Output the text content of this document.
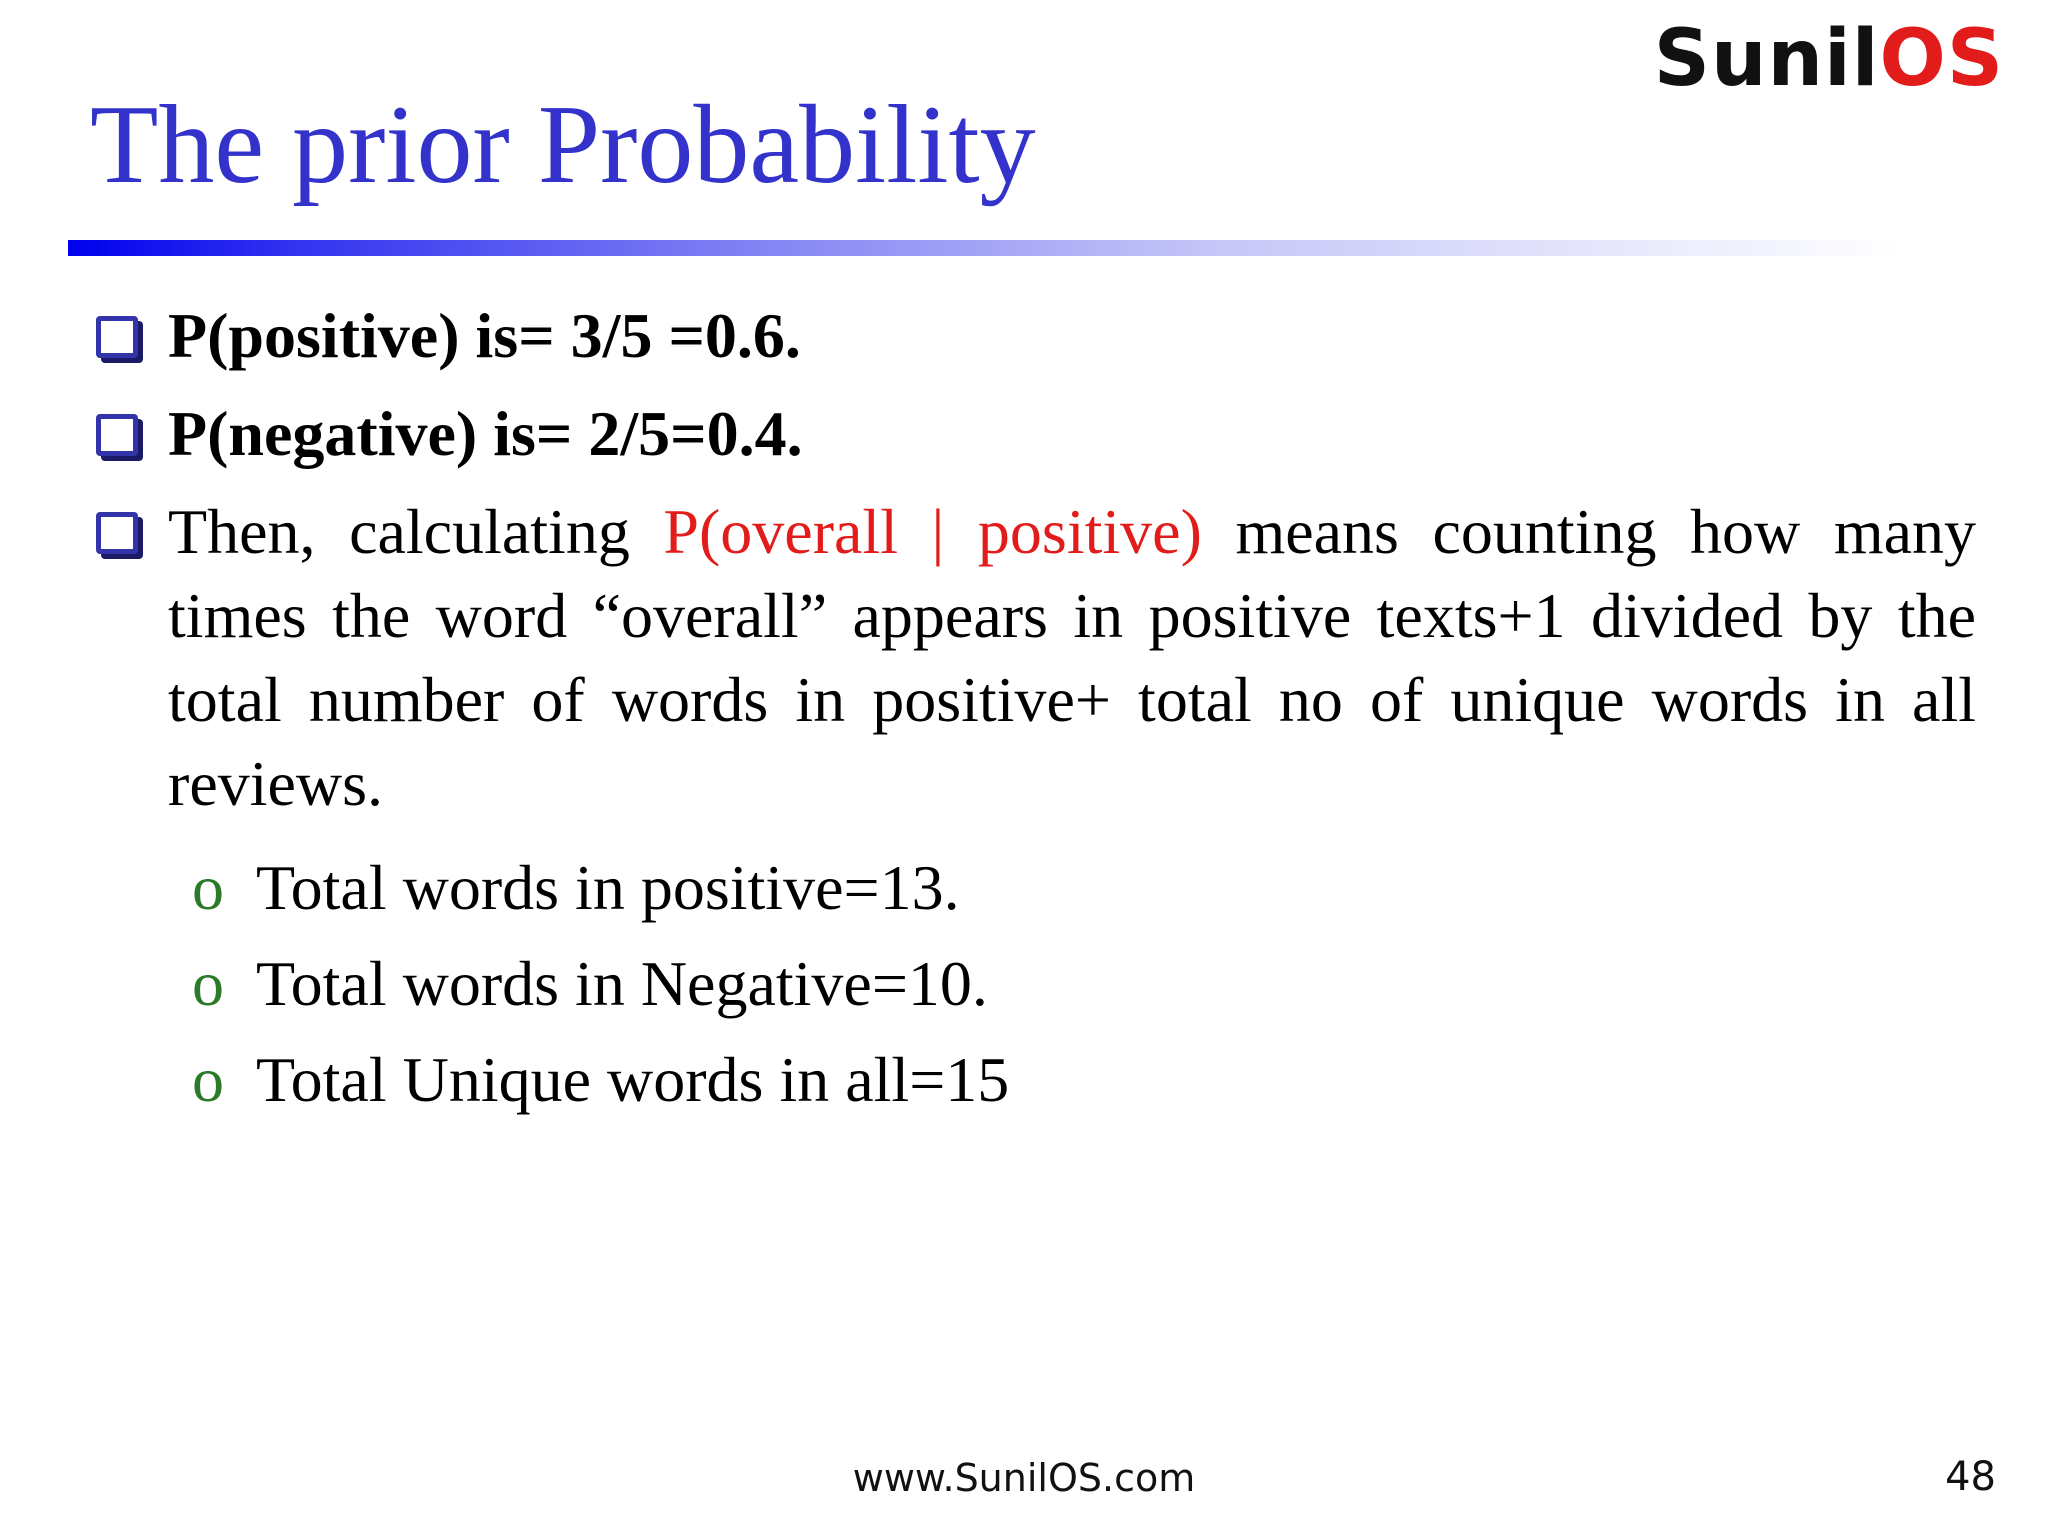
SunilOS
The prior Probability
P(positive) is= 3/5 =0.6.
P(negative) is= 2/5=0.4.
Then, calculating P(overall | positive) means counting how many times the word “overall” appears in positive texts+1 divided by the total number of words in positive+ total no of unique words in all reviews.
o Total words in positive=13.
o Total words in Negative=10.
o Total Unique words in all=15
www.SunilOS.com	48
